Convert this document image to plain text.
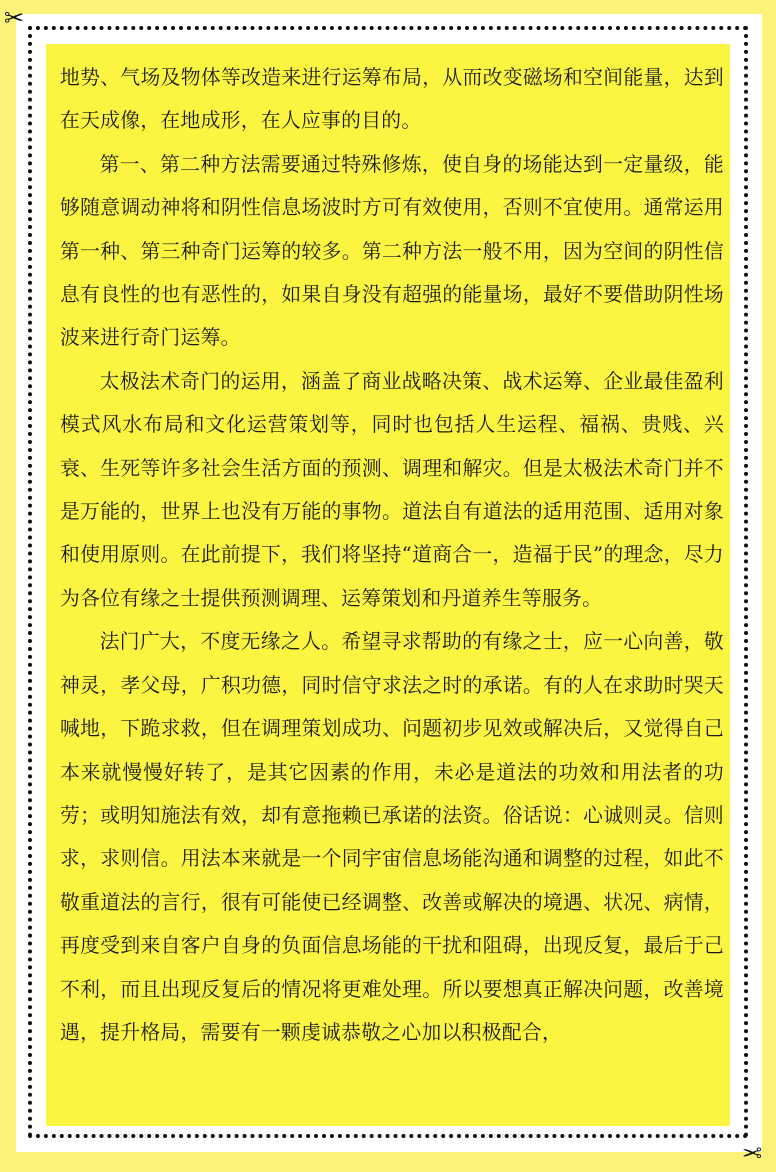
✂
✂

地势、气场及物体等改造来进行运筹布局，从而改变磁场和空间能量，达到在天成像，在地成形，在人应事的目的。

第一、第二种方法需要通过特殊修炼，使自身的场能达到一定量级，能够随意调动神将和阴性信息场波时方可有效使用，否则不宜使用。通常运用第一种、第三种奇门运筹的较多。第二种方法一般不用，因为空间的阴性信息有良性的也有恶性的，如果自身没有超强的能量场，最好不要借助阴性场波来进行奇门运筹。

太极法术奇门的运用，涵盖了商业战略决策、战术运筹、企业最佳盈利模式风水布局和文化运营策划等，同时也包括人生运程、福祸、贵贱、兴衰、生死等许多社会生活方面的预测、调理和解灾。但是太极法术奇门并不是万能的，世界上也没有万能的事物。道法自有道法的适用范围、适用对象和使用原则。在此前提下，我们将坚持“道商合一，造福于民”的理念，尽力为各位有缘之士提供预测调理、运筹策划和丹道养生等服务。

法门广大，不度无缘之人。希望寻求帮助的有缘之士，应一心向善，敬神灵，孝父母，广积功德，同时信守求法之时的承诺。有的人在求助时哭天喊地，下跪求救，但在调理策划成功、问题初步见效或解决后，又觉得自己本来就慢慢好转了，是其它因素的作用，未必是道法的功效和用法者的功劳；或明知施法有效，却有意拖赖已承诺的法资。俗话说：心诚则灵。信则求，求则信。用法本来就是一个同宇宙信息场能沟通和调整的过程，如此不敬重道法的言行，很有可能使已经调整、改善或解决的境遇、状况、病情，再度受到来自客户自身的负面信息场能的干扰和阻碍，出现反复，最后于己不利，而且出现反复后的情况将更难处理。所以要想真正解决问题，改善境遇，提升格局，需要有一颗虔诚恭敬之心加以积极配合，
